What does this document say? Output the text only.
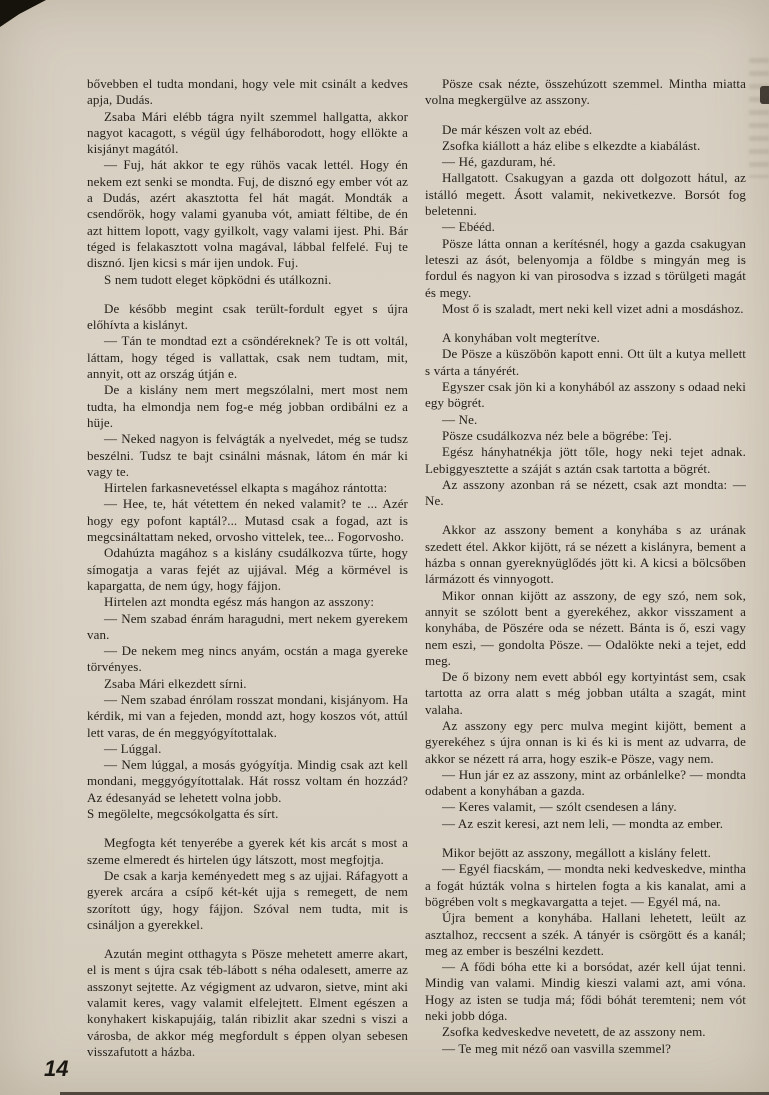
bővebben el tudta mondani, hogy vele mit csinált a kedves apja, Dudás.

Zsaba Mári elébb tágra nyilt szemmel hallgatta, akkor nagyot kacagott, s végül úgy felháborodott, hogy ellökte a kisjányt magától.

— Fuj, hát akkor te egy rühös vacak lettél. Hogy én nekem ezt senki se mondta. Fuj, de disznó egy ember vót az a Dudás, azért akasztotta fel hát magát. Mondták a csendőrök, hogy valami gyanuba vót, amiatt féltibe, de én azt hittem lopott, vagy gyilkolt, vagy valami ijest. Phi. Bár téged is felakasztott volna magával, lábbal felfelé. Fuj te disznó. Ijen kicsi s már ijen undok. Fuj.

S nem tudott eleget köpködni és utálkozni.

De később megint csak terült-fordult egyet s újra előhívta a kislányt.

— Tán te mondtad ezt a csöndéreknek? Te is ott voltál, láttam, hogy téged is vallattak, csak nem tudtam, mit, annyit, ott az ország útján e.

De a kislány nem mert megszólalni, mert most nem tudta, ha elmondja nem fog-e még jobban ordibálni ez a hüje.

— Neked nagyon is felvágták a nyelvedet, még se tudsz beszélni. Tudsz te bajt csinálni másnak, látom én már ki vagy te.

Hirtelen farkasnevetéssel elkapta s magához rántotta:

— Hee, te, hát vétettem én neked valamit? te ... Azér hogy egy pofont kaptál?... Mutasd csak a fogad, azt is megcsináltattam neked, orvosho vittelek, tee... Fogorvosho.

Odahúzta magához s a kislány csudálkozva tűrte, hogy símogatja a varas fejét az ujjával. Még a körmével is kapargatta, de nem úgy, hogy fájjon.

Hirtelen azt mondta egész más hangon az asszony:

— Nem szabad énrám haragudni, mert nekem gyerekem van.

— De nekem meg nincs anyám, ocstán a maga gyereke törvényes.

Zsaba Mári elkezdett sírni.

— Nem szabad énrólam rosszat mondani, kisjányom. Ha kérdik, mi van a fejeden, mondd azt, hogy koszos vót, attúl lett varas, de én meggyógyítottalak.

— Lúggal.

— Nem lúggal, a mosás gyógyítja. Mindig csak azt kell mondani, meggyógyítottalak. Hát rossz voltam én hozzád? Az édesanyád se lehetett volna jobb.

S megölelte, megcsókolgatta és sírt.

Megfogta két tenyerébe a gyerek két kis arcát s most a szeme elmeredt és hirtelen úgy látszott, most megfojtja.

De csak a karja keményedett meg s az ujjai. Ráfagyott a gyerek arcára a csípő két-két ujja s remegett, de nem szorított úgy, hogy fájjon. Szóval nem tudta, mit is csináljon a gyerekkel.

Azután megint otthagyta s Pösze mehetett amerre akart, el is ment s újra csak téb-lábott s néha odalesett, amerre az asszonyt sejtette. Az végigment az udvaron, sietve, mint aki valamit keres, vagy valamit elfelejtett. Elment egészen a konyhakert kiskapujáig, talán ribizlit akar szedni s viszi a városba, de akkor még megfordult s éppen olyan sebesen visszafutott a házba.

Pösze csak nézte, összehúzott szemmel. Mintha miatta volna megkergülve az asszony.

De már készen volt az ebéd.

Zsofka kiállott a ház elibe s elkezdte a kiabálást.

— Hé, gazduram, hé.

Hallgatott. Csakugyan a gazda ott dolgozott hátul, az istálló megett. Ásott valamit, nekivetkezve. Borsót fog beletenni.

— Ebééd.

Pösze látta onnan a kerítésnél, hogy a gazda csakugyan leteszi az ásót, belenyomja a földbe s mingyán meg is fordul és nagyon ki van pirosodva s izzad s törülgeti magát és megy.

Most ő is szaladt, mert neki kell vizet adni a mosdáshoz.

A konyhában volt megterítve.

De Pösze a küszöbön kapott enni. Ott ült a kutya mellett s várta a tányérét.

Egyszer csak jön ki a konyhából az asszony s odaad neki egy bögrét.

— Ne.

Pösze csudálkozva néz bele a bögrébe: Tej.

Egész hányhatnékja jött tőle, hogy neki tejet adnak. Lebiggyesztette a száját s aztán csak tartotta a bögrét.

Az asszony azonban rá se nézett, csak azt mondta: — Ne.

Akkor az asszony bement a konyhába s az urának szedett étel. Akkor kijött, rá se nézett a kislányra, bement a házba s onnan gyereknyüglődés jött ki. A kicsi a bölcsőben lármázott és vinnyogott.

Mikor onnan kijött az asszony, de egy szó, nem sok, annyit se szólott bent a gyerekéhez, akkor visszament a konyhába, de Pöszére oda se nézett. Bánta is ő, eszi vagy nem eszi, — gondolta Pösze. — Odalökte neki a tejet, edd meg.

De ő bizony nem evett abból egy kortyintást sem, csak tartotta az orra alatt s még jobban utálta a szagát, mint valaha.

Az asszony egy perc mulva megint kijött, bement a gyerekéhez s újra onnan is ki és ki is ment az udvarra, de akkor se nézett rá arra, hogy eszik-e Pösze, vagy nem.

— Hun jár ez az asszony, mint az orbánlelke? — mondta odabent a konyhában a gazda.

— Keres valamit, — szólt csendesen a lány.

— Az eszit keresi, azt nem leli, — mondta az ember.

Mikor bejött az asszony, megállott a kislány felett.

— Egyél fiacskám, — mondta neki kedveskedve, mintha a fogát húzták volna s hirtelen fogta a kis kanalat, ami a bögrében volt s megkavargatta a tejet. — Egyél má, na.

Újra bement a konyhába. Hallani lehetett, leült az asztalhoz, reccsent a szék. A tányér is csörgött és a kanál; meg az ember is beszélni kezdett.

— A fődi bóha ette ki a borsódat, azér kell újat tenni. Mindig van valami. Mindig kieszi valami azt, ami vóna. Hogy az isten se tudja má; fődi bóhát teremteni; nem vót neki jobb dóga.

Zsofka kedveskedve nevetett, de az asszony nem.

— Te meg mit néző oan vasvilla szemmel?

14
